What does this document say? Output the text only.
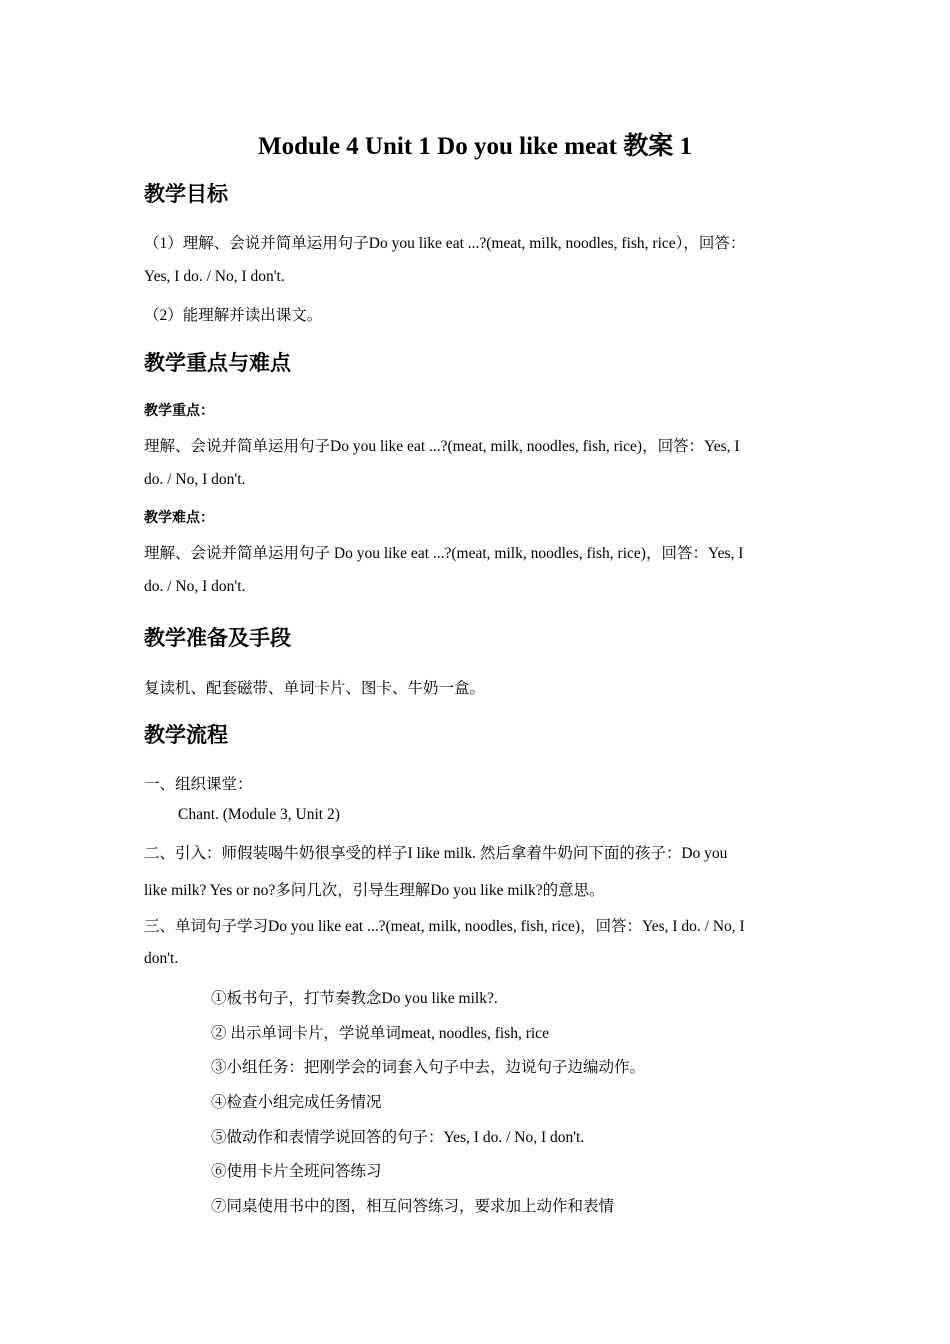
Module 4 Unit 1 Do you like meat 教案 1
教学目标
（1）理解、会说并简单运用句子Do you like eat ...?(meat, milk, noodles, fish, rice），回答：
Yes, I do. / No, I don't.
（2）能理解并读出课文。
教学重点与难点
教学重点：
理解、会说并简单运用句子Do you like eat ...?(meat, milk, noodles, fish, rice)，回答：Yes, I
do. / No, I don't.
教学难点：
理解、会说并简单运用句子 Do you like eat ...?(meat, milk, noodles, fish, rice)，回答：Yes, I
do. / No, I don't.
教学准备及手段
复读机、配套磁带、单词卡片、图卡、牛奶一盒。
教学流程
一、组织课堂：
Chant. (Module 3, Unit 2)
二、引入：师假装喝牛奶很享受的样子I like milk. 然后拿着牛奶问下面的孩子：Do you
like milk? Yes or no?多问几次，引导生理解Do you like milk?的意思。
三、单词句子学习Do you like eat ...?(meat, milk, noodles, fish, rice)，回答：Yes, I do. / No, I
don't.
①板书句子，打节奏教念Do you like milk?.
② 出示单词卡片，学说单词meat, noodles, fish, rice
③小组任务：把刚学会的词套入句子中去，边说句子边编动作。
④检查小组完成任务情况
⑤做动作和表情学说回答的句子：Yes, I do. / No, I don't.
⑥使用卡片全班问答练习
⑦同桌使用书中的图，相互问答练习，要求加上动作和表情
